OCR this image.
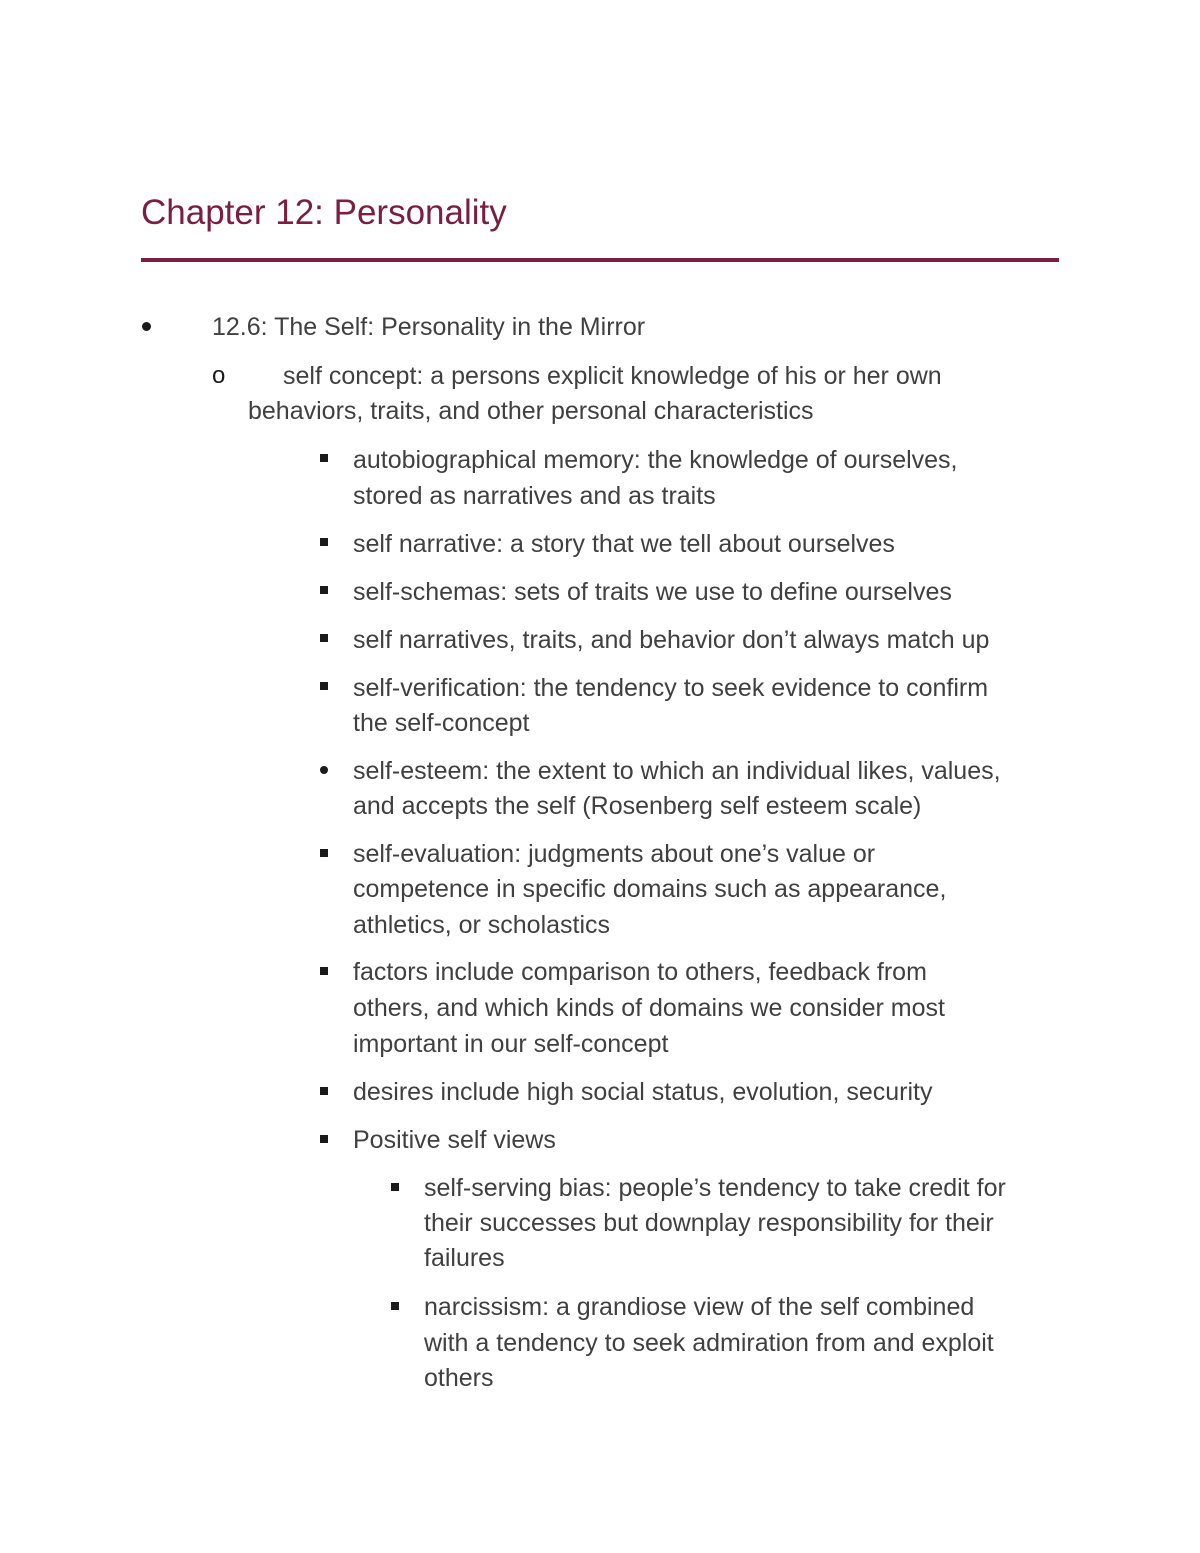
Chapter 12: Personality
12.6: The Self: Personality in the Mirror
o self concept: a persons explicit knowledge of his or her own
behaviors, traits, and other personal characteristics
autobiographical memory: the knowledge of ourselves,
stored as narratives and as traits
self narrative: a story that we tell about ourselves
self-schemas: sets of traits we use to define ourselves
self narratives, traits, and behavior don’t always match up
self-verification: the tendency to seek evidence to confirm
the self-concept
self-esteem: the extent to which an individual likes, values,
and accepts the self (Rosenberg self esteem scale)
self-evaluation: judgments about one’s value or
competence in specific domains such as appearance,
athletics, or scholastics
factors include comparison to others, feedback from
others, and which kinds of domains we consider most
important in our self-concept
desires include high social status, evolution, security
Positive self views
self-serving bias: people’s tendency to take credit for
their successes but downplay responsibility for their
failures
narcissism: a grandiose view of the self combined
with a tendency to seek admiration from and exploit
others
